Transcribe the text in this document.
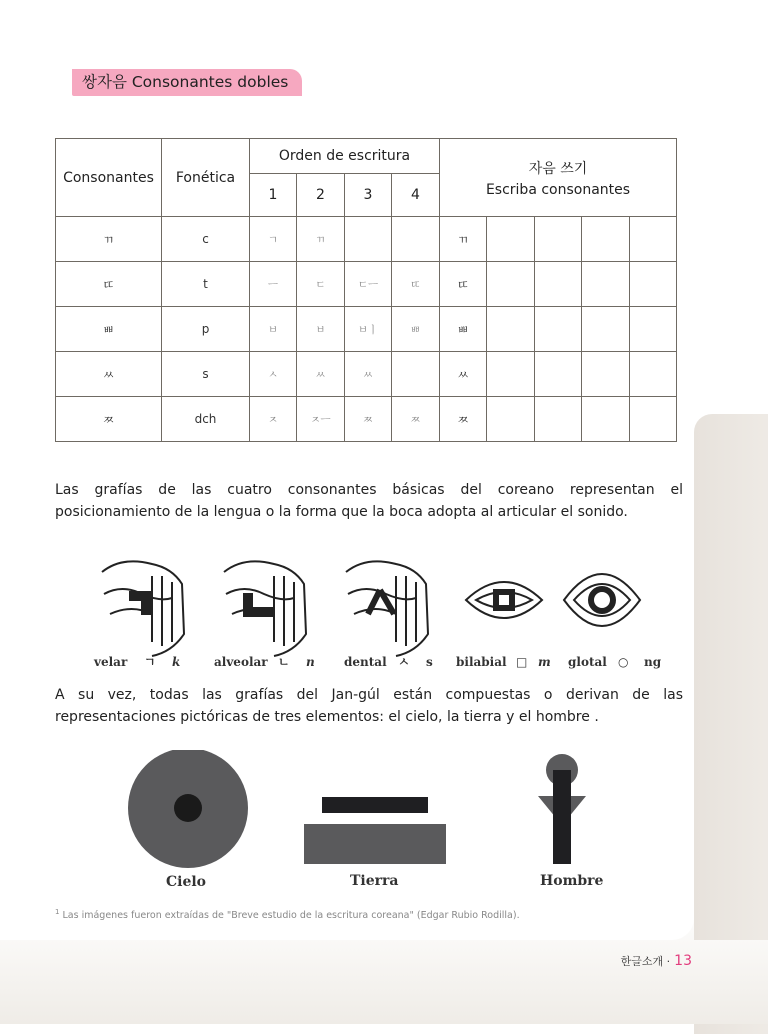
쌍자음 Consonantes dobles
Consonantes	Fonética	Orden de escritura				자음 쓰기
Escriba consonantes				

		1	2	3	4					
ㄲ	c	ㄱ	ㄲ			ㄲ				
ㄸ	t	ㅡ	ㄷ	ㄷㅡ	ㄸ	ㄸ				
ㅃ	p	ㅂ	ㅂ	ㅂㅣ	ㅃ	ㅃ				
ㅆ	s	ㅅ	ㅆ	ㅆ		ㅆ				
ㅉ	dch	ㅈ	ㅈㅡ	ㅉ	ㅉ	ㅉ				

Las grafías de las cuatro consonantes básicas del coreano representan el posicionamiento de la lengua o la forma que la boca adopta al articular el sonido.

velar ㄱ k	alveolar ㄴ n dental ㅅ s bilabial □ m glotal ○ ng

A su vez, todas las grafías del Jan-gúl están compuestas o derivan de las representaciones pictóricas de tres elementos: el cielo, la tierra y el hombre .

Cielo	Tierra	Hombre
$^1$ Las imágenes fueron extraídas de "Breve estudio de la escritura coreana" (Edgar Rubio Rodilla).
한글소개 · 13
